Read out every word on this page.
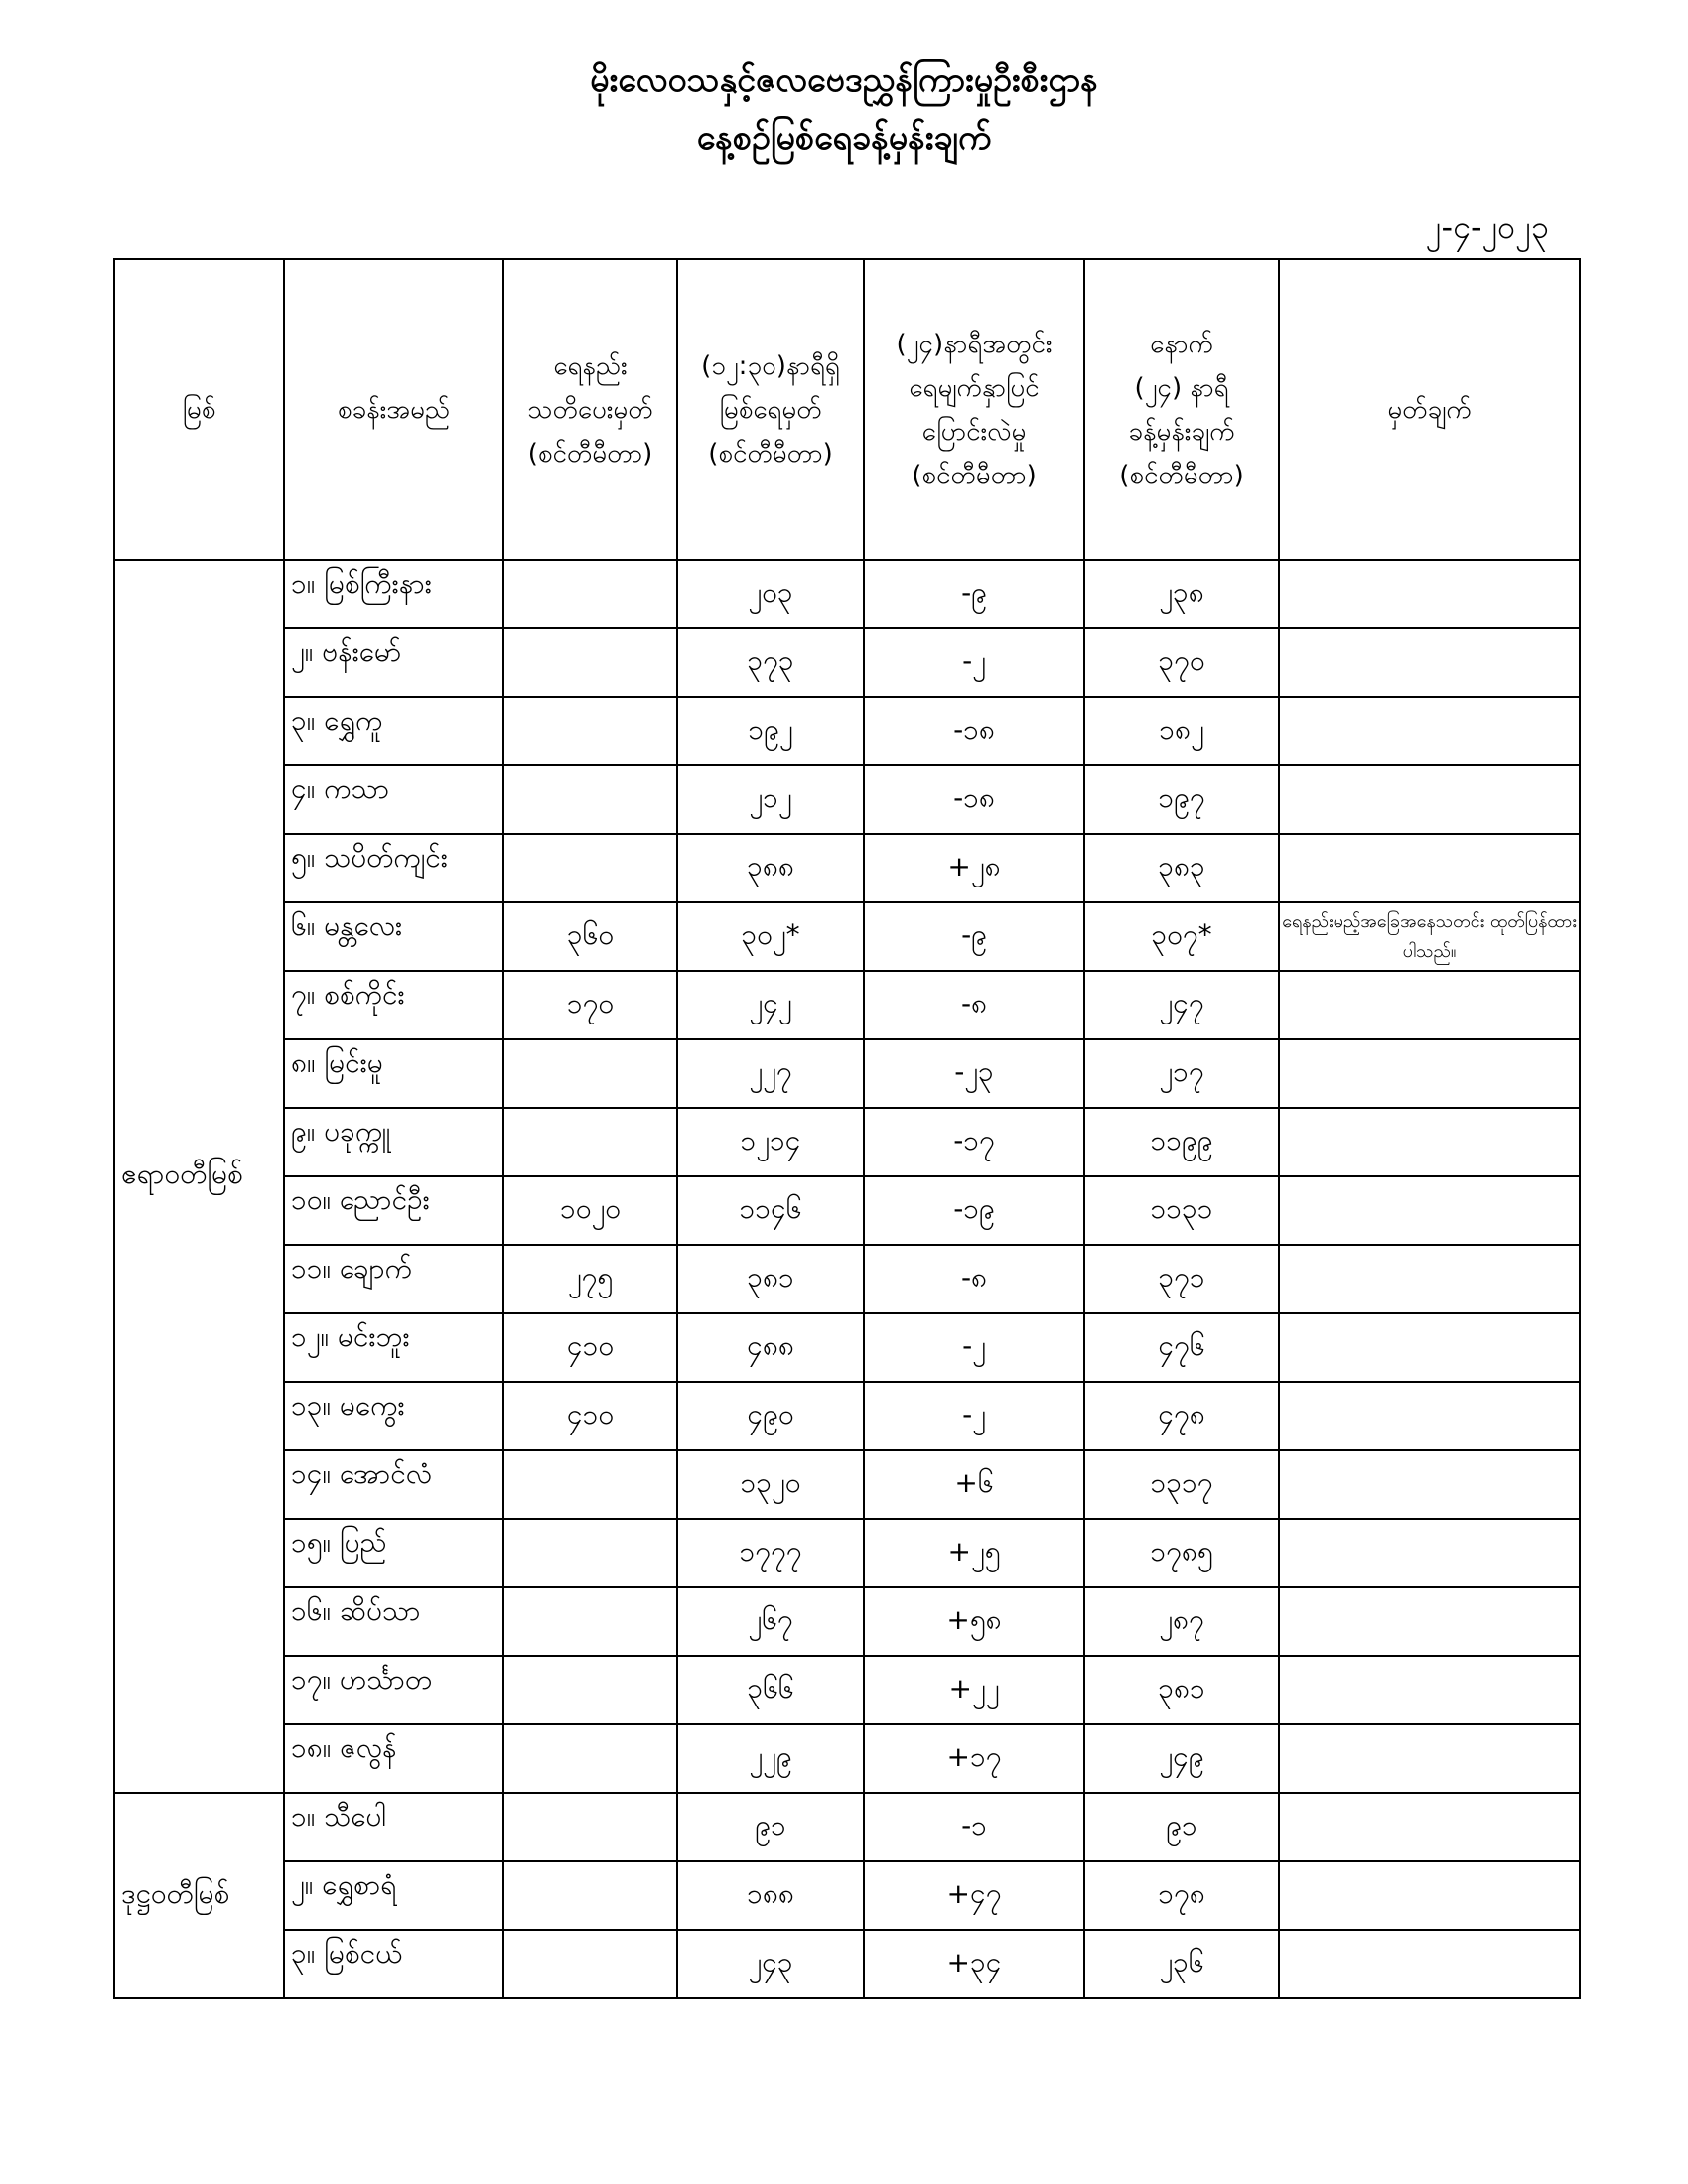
မိုးလေဝသနှင့်ဇလဗေဒညွှန်ကြားမှုဦးစီးဌာန
နေ့စဉ်မြစ်ရေခန့်မှန်းချက်
၂-၄-၂၀၂၃
မြစ်	စခန်းအမည်	ရေနည်း
သတိပေးမှတ်
(စင်တီမီတာ)	(၁၂:၃၀)နာရီရှိ
မြစ်ရေမှတ်
(စင်တီမီတာ)	(၂၄)နာရီအတွင်း
ရေမျက်နှာပြင်
ပြောင်းလဲမှု
(စင်တီမီတာ)	နောက်
(၂၄) နာရီ
ခန့်မှန်းချက်
(စင်တီမီတာ)	မှတ်ချက်

ဧရာဝတီမြစ်	၁။ မြစ်ကြီးနား		၂၀၃	-၉	၂၃၈	
	၂။ ဗန်းမော်		၃၇၃	-၂	၃၇၀	
	၃။ ရွှေကူ		၁၉၂	-၁၈	၁၈၂	
	၄။ ကသာ		၂၁၂	-၁၈	၁၉၇	
	၅။ သပိတ်ကျင်း		၃၈၈	+၂၈	၃၈၃	
	၆။ မန္တလေး	၃၆၀	၃၀၂*	-၉	၃၀၇*	ရေနည်းမည့်အခြေအနေသတင်း ထုတ်ပြန်ထားပါသည်။
	၇။ စစ်ကိုင်း	၁၇၀	၂၄၂	-၈	၂၄၇	
	၈။ မြင်းမူ		၂၂၇	-၂၃	၂၁၇	
	၉။ ပခုက္ကူ		၁၂၁၄	-၁၇	၁၁၉၉	
	၁၀။ ညောင်ဦး	၁၀၂၀	၁၁၄၆	-၁၉	၁၁၃၁	
	၁၁။ ချောက်	၂၇၅	၃၈၁	-၈	၃၇၁	
	၁၂။ မင်းဘူး	၄၁၀	၄၈၈	-၂	၄၇၆	
	၁၃။ မကွေး	၄၁၀	၄၉၀	-၂	၄၇၈	
	၁၄။ အောင်လံ		၁၃၂၀	+၆	၁၃၁၇	
	၁၅။ ပြည်		၁၇၇၇	+၂၅	၁၇၈၅	
	၁၆။ ဆိပ်သာ		၂၆၇	+၅၈	၂၈၇	
	၁၇။ ဟင်္သာတ		၃၆၆	+၂၂	၃၈၁	
	၁၈။ ဇလွန်		၂၂၉	+၁၇	၂၄၉	
ဒုဋ္ဌဝတီမြစ်	၁။ သီပေါ		၉၁	-၁	၉၁	
	၂။ ရွှေစာရံ		၁၈၈	+၄၇	၁၇၈	
	၃။ မြစ်ငယ်		၂၄၃	+၃၄	၂၃၆	
